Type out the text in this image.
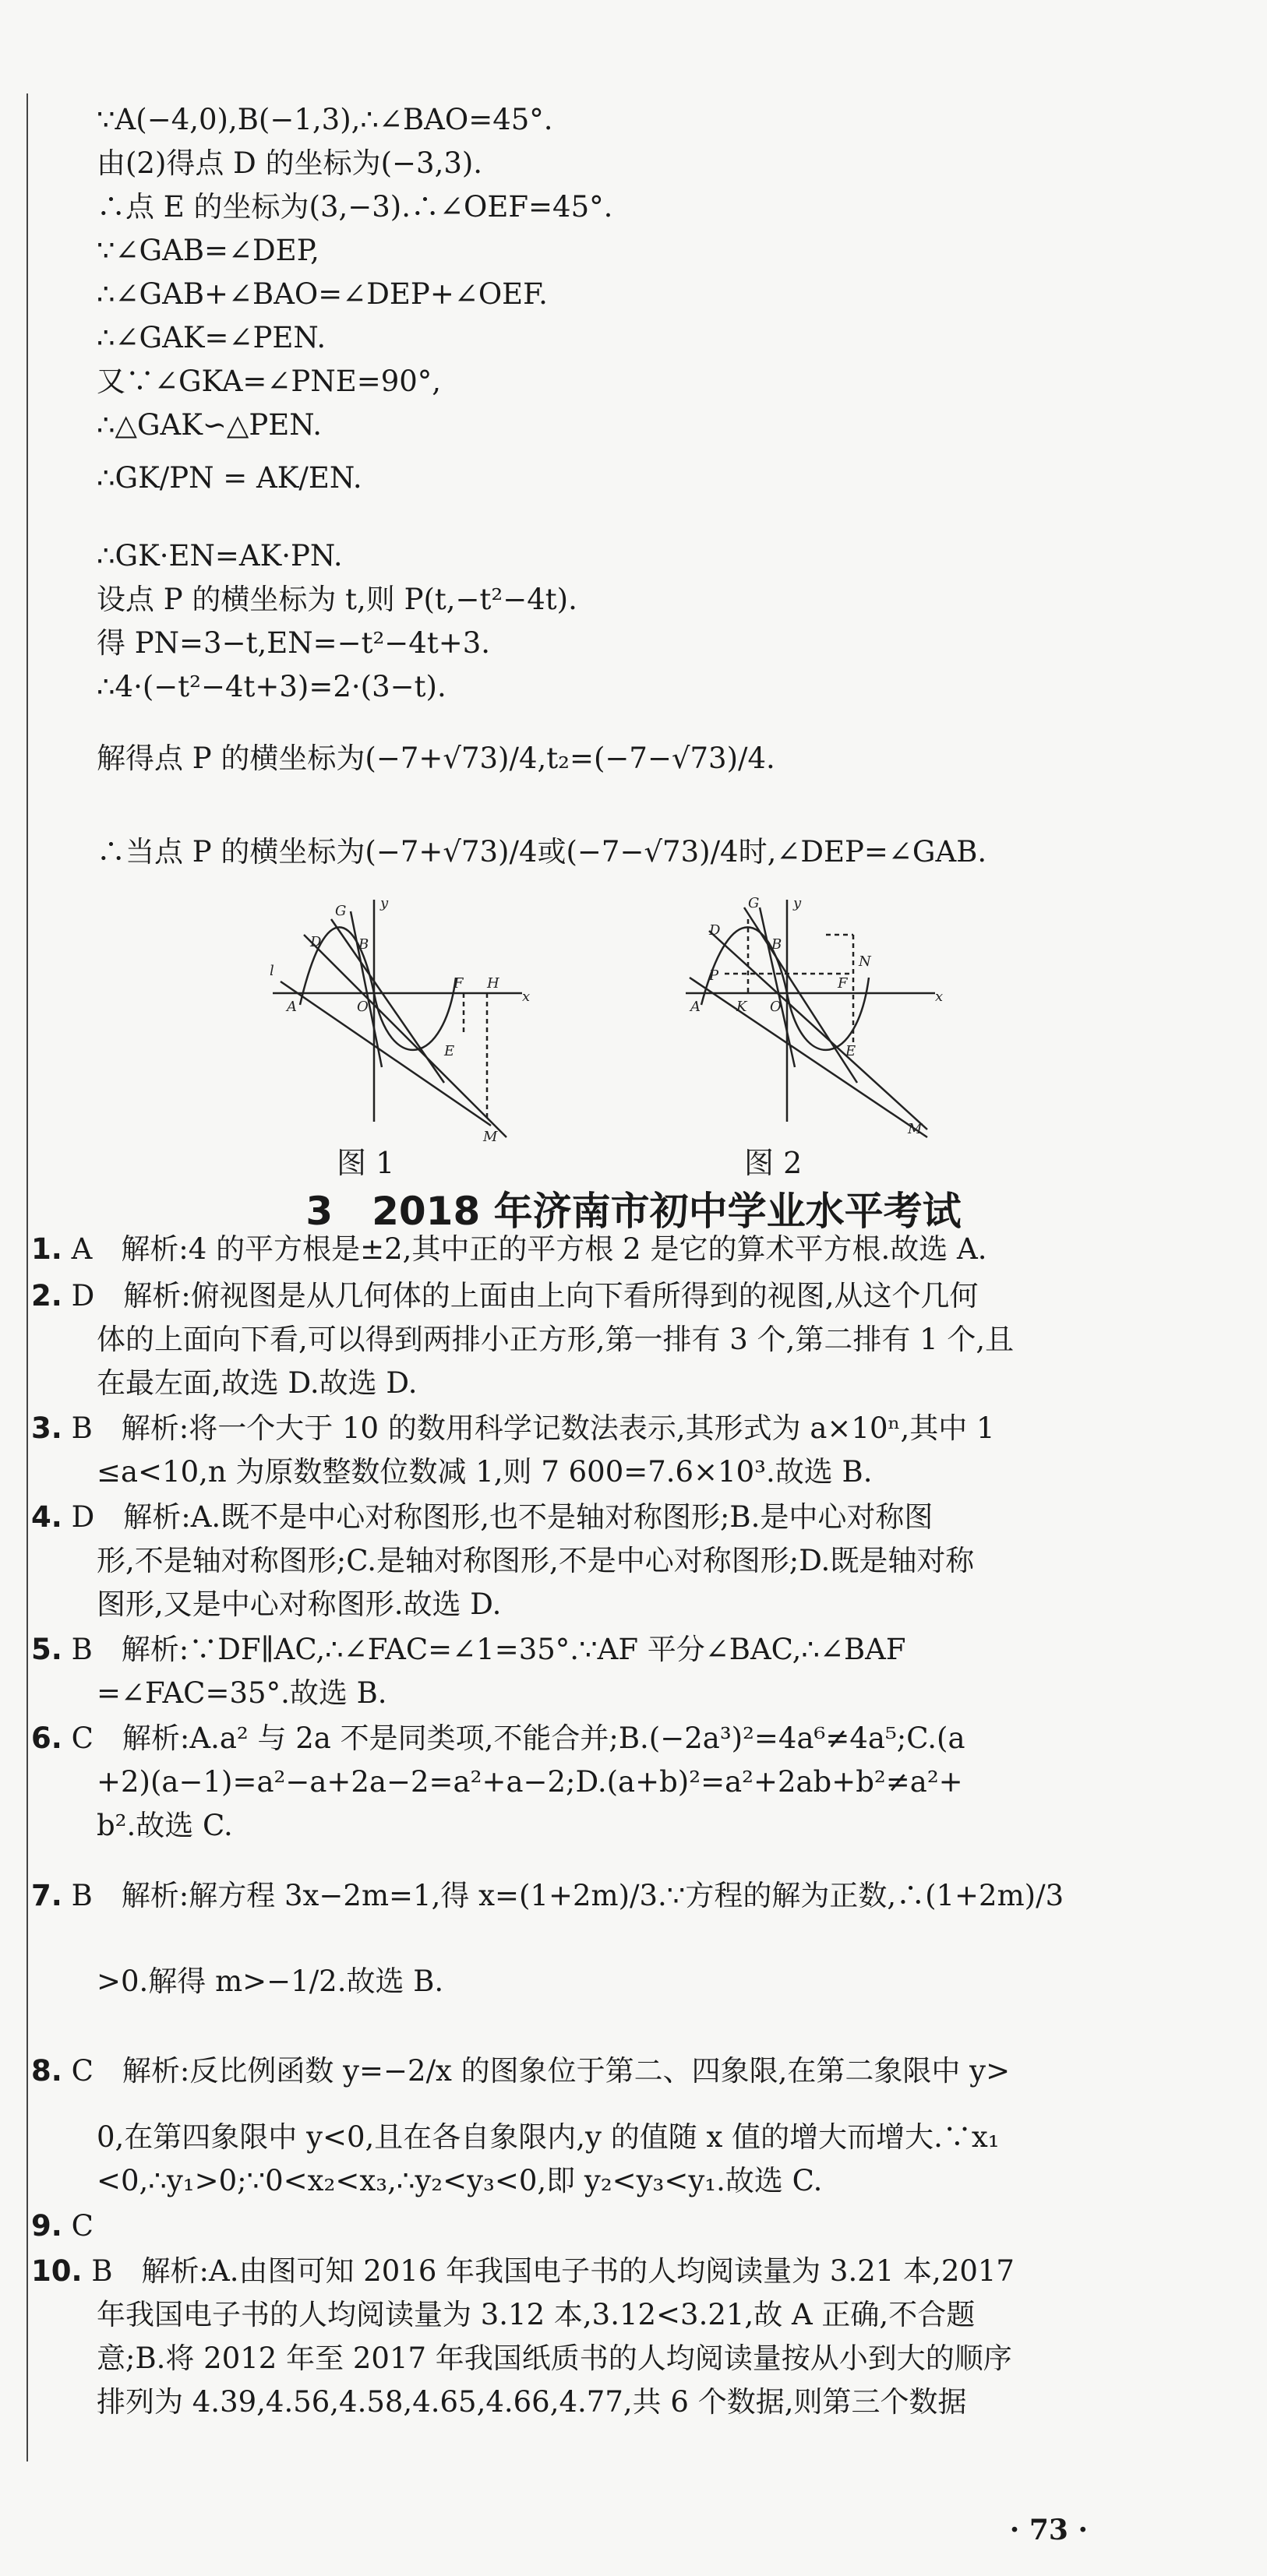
∵A(−4,0),B(−1,3),∴∠BAO=45°.
由(2)得点 D 的坐标为(−3,3).
∴点 E 的坐标为(3,−3).∴∠OEF=45°.
∵∠GAB=∠DEP,
∴∠GAB+∠BAO=∠DEP+∠OEF.
∴∠GAK=∠PEN.
又∵∠GKA=∠PNE=90°,
∴△GAK∽△PEN.
∴GK/PN = AK/EN.
∴GK·EN=AK·PN.
设点 P 的横坐标为 t,则 P(t,−t²−4t).
得 PN=3−t,EN=−t²−4t+3.
∴4·(−t²−4t+3)=2·(3−t).
解得点 P 的横坐标为(−7+√73)/4,t₂=(−7−√73)/4.
∴当点 P 的横坐标为(−7+√73)/4或(−7−√73)/4时,∠DEP=∠GAB.
G
D
y
B
l
F H
A	O
x
E
M
图 1
G
D
y
B
N
P	F
A	K O
x
E
M
图 2
3　2018 年济南市初中学业水平考试
1. A　 解析:4 的平方根是±2,其中正的平方根 2 是它的算术平方根.故选 A.
2. D　 解析:俯视图是从几何体的上面由上向下看所得到的视图,从这个几何
体的上面向下看,可以得到两排小正方形,第一排有 3 个,第二排有 1 个,且
在最左面,故选 D.故选 D.
3. B　 解析:将一个大于 10 的数用科学记数法表示,其形式为 a×10ⁿ,其中 1
≤a<10,n 为原数整数位数减 1,则 7 600=7.6×10³.故选 B.
4. D　 解析:A.既不是中心对称图形,也不是轴对称图形;B.是中心对称图
形,不是轴对称图形;C.是轴对称图形,不是中心对称图形;D.既是轴对称
图形,又是中心对称图形.故选 D.
5. B　 解析:∵DF∥AC,∴∠FAC=∠1=35°.∵AF 平分∠BAC,∴∠BAF
=∠FAC=35°.故选 B.
6. C　 解析:A.a² 与 2a 不是同类项,不能合并;B.(−2a³)²=4a⁶≠4a⁵;C.(a
+2)(a−1)=a²−a+2a−2=a²+a−2;D.(a+b)²=a²+2ab+b²≠a²+
b².故选 C.
7. B　 解析:解方程 3x−2m=1,得 x=(1+2m)/3.∵方程的解为正数,∴(1+2m)/3
>0.解得 m>−1/2.故选 B.
8. C　 解析:反比例函数 y=−2/x 的图象位于第二、四象限,在第二象限中 y>
0,在第四象限中 y<0,且在各自象限内,y 的值随 x 值的增大而增大.∵x₁
<0,∴y₁>0;∵0<x₂<x₃,∴y₂<y₃<0,即 y₂<y₃<y₁.故选 C.
9. C
10. B　 解析:A.由图可知 2016 年我国电子书的人均阅读量为 3.21 本,2017
年我国电子书的人均阅读量为 3.12 本,3.12<3.21,故 A 正确,不合题
意;B.将 2012 年至 2017 年我国纸质书的人均阅读量按从小到大的顺序
排列为 4.39,4.56,4.58,4.65,4.66,4.77,共 6 个数据,则第三个数据
· 73 ·
